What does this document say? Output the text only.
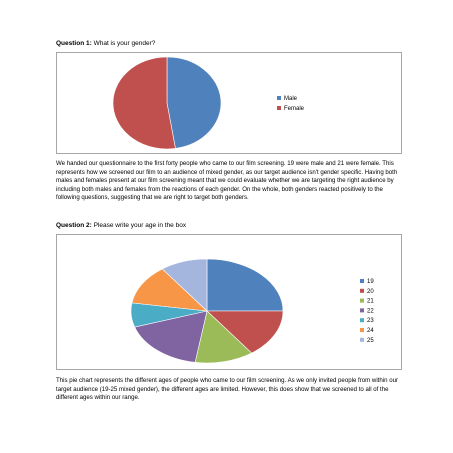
Question 1: What is your gender?
Male
Female

We handed our questionnaire to the first forty people who came to our film screening. 19 were male and 21 were female. This represents how we screened our film to an audience of mixed gender, as our target audience isn't gender specific. Having both males and females present at our film screening meant that we could evaluate whether we are targeting the right audience by including both males and females from the reactions of each gender. On the whole, both genders reacted positively to the following questions, suggesting that we are right to target both genders.

Question 2: Please write your age in the box
19
20
21
22
23
24
25

This pie chart represents the different ages of people who came to our film screening. As we only invited people from within our target audience (19-25 mixed gender), the different ages are limited. However, this does show that we screened to all of the different ages within our range.
